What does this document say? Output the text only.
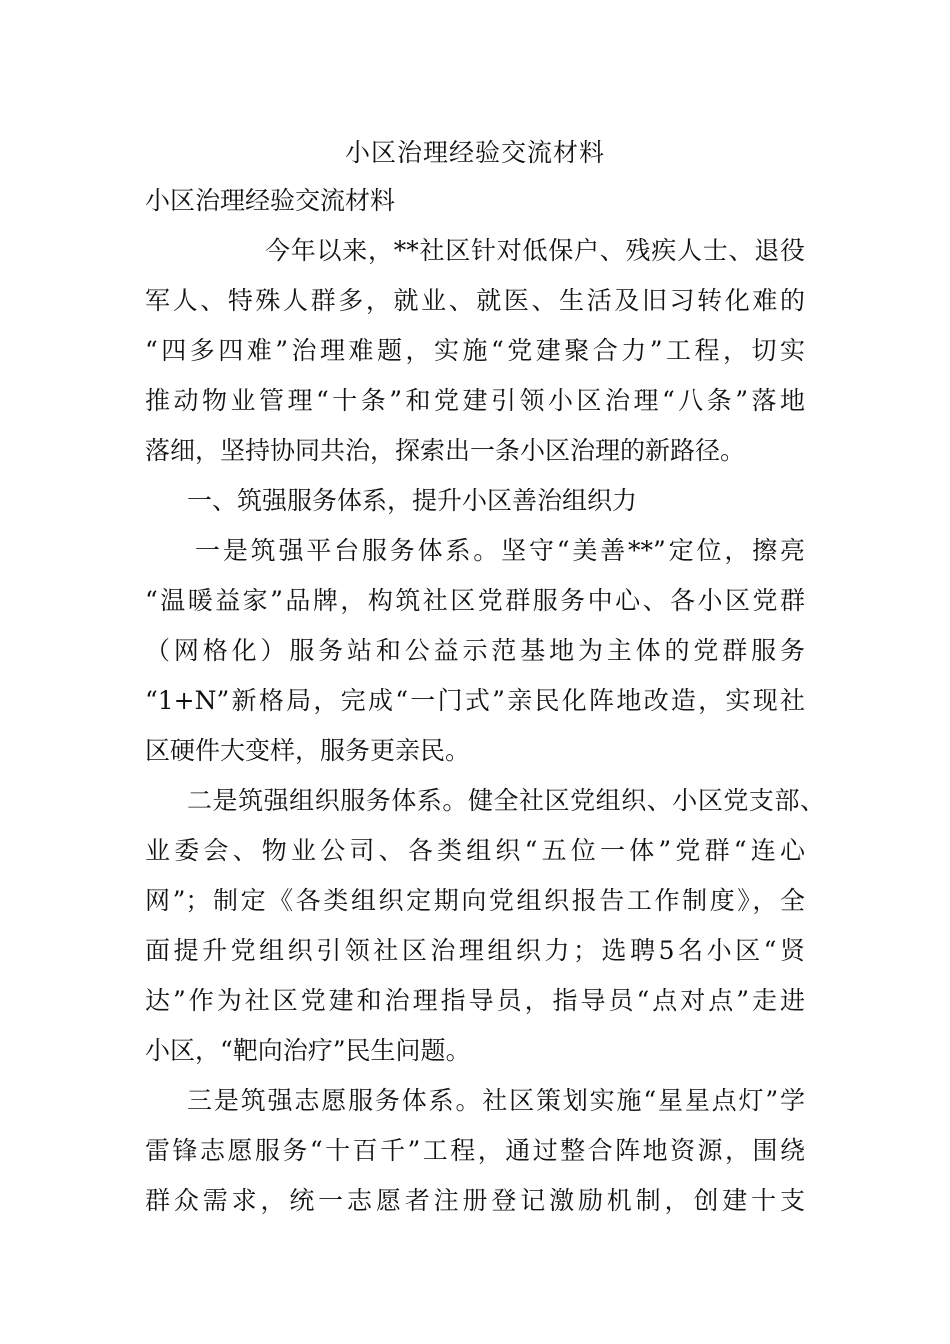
小区治理经验交流材料
小区治理经验交流材料
今年以来，**社区针对低保户、残疾人士、退役
军人、特殊人群多，就业、就医、生活及旧习转化难的
“四多四难”治理难题，实施“党建聚合力”工程，切实
推动物业管理“十条”和党建引领小区治理“八条”落地
落细，坚持协同共治，探索出一条小区治理的新路径。
一、筑强服务体系，提升小区善治组织力
一是筑强平台服务体系。坚守“美善**”定位，擦亮
“温暖益家”品牌，构筑社区党群服务中心、各小区党群
（网格化）服务站和公益示范基地为主体的党群服务
“1+N”新格局，完成“一门式”亲民化阵地改造，实现社
区硬件大变样，服务更亲民。
二是筑强组织服务体系。健全社区党组织、小区党支部、
业委会、物业公司、各类组织“五位一体”党群“连心
网”；制定《各类组织定期向党组织报告工作制度》，全
面提升党组织引领社区治理组织力；选聘5名小区“贤
达”作为社区党建和治理指导员，指导员“点对点”走进
小区，“靶向治疗”民生问题。
三是筑强志愿服务体系。社区策划实施“星星点灯”学
雷锋志愿服务“十百千”工程，通过整合阵地资源，围绕
群众需求，统一志愿者注册登记激励机制，创建十支
